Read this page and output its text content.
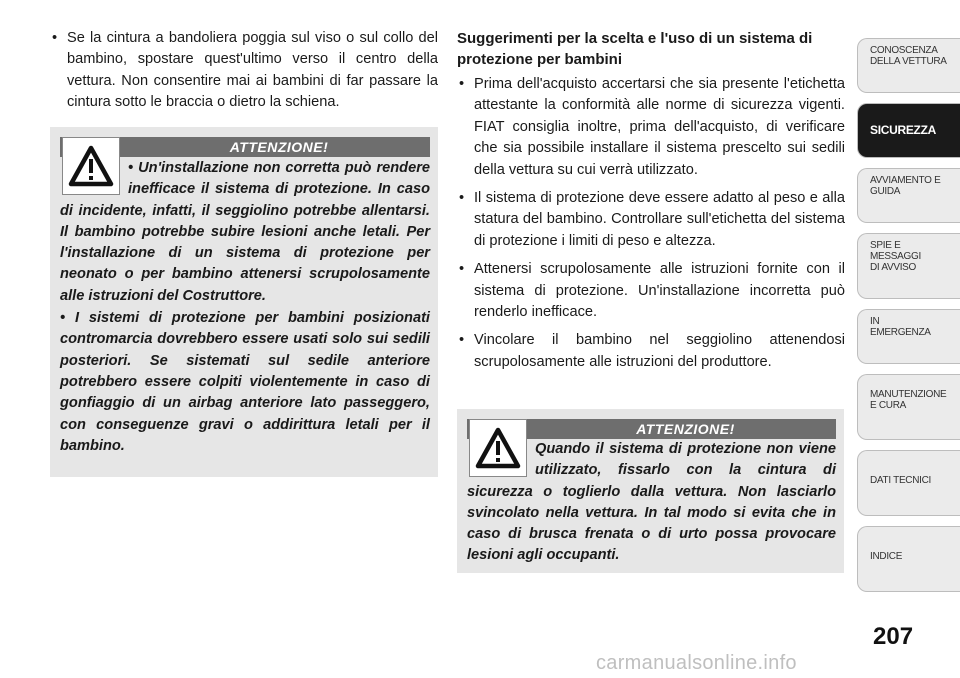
• Se la cintura a bandoliera poggia sul viso o sul collo del bambino, spostare quest'ultimo verso il centro della vettura. Non consentire mai ai bambini di far passare la cintura sotto le braccia o dietro la schiena.
ATTENZIONE!

• Un'installazione non corretta può rendere inefficace il sistema di protezione. In caso di incidente, infatti, il seggiolino potrebbe allentarsi. Il bambino potrebbe subire lesioni anche letali. Per l'installazione di un sistema di protezione per neonato o per bambino attenersi scrupolosamente alle istruzioni del Costruttore.

• I sistemi di protezione per bambini posizionati contromarcia dovrebbero essere usati solo sui sedili posteriori. Se sistemati sul sedile anteriore potrebbero essere colpiti violentemente in caso di gonfiaggio di un airbag anteriore lato passeggero, con conseguenze gravi o addirittura letali per il bambino.

Suggerimenti per la scelta e l'uso di un sistema di protezione per bambini
• Prima dell'acquisto accertarsi che sia presente l'etichetta attestante la conformità alle norme di sicurezza vigenti. FIAT consiglia inoltre, prima dell'acquisto, di verificare che sia possibile installare il sistema prescelto sui sedili della vettura su cui verrà utilizzato.
• Il sistema di protezione deve essere adatto al peso e alla statura del bambino. Controllare sull'etichetta del sistema di protezione i limiti di peso e altezza.
• Attenersi scrupolosamente alle istruzioni fornite con il sistema di protezione. Un'installazione incorretta può renderlo inefficace.
• Vincolare il bambino nel seggiolino attenendosi scrupolosamente alle istruzioni del produttore.
ATTENZIONE!
Quando il sistema di protezione non viene utilizzato, fissarlo con la cintura di sicurezza o toglierlo dalla vettura. Non lasciarlo svincolato nella vettura. In tal modo si evita che in caso di brusca frenata o di urto possa provocare lesioni agli occupanti.
CONOSCENZA
DELLA VETTURA
SICUREZZA
AVVIAMENTO E
GUIDA
SPIE E
MESSAGGI
DI AVVISO
IN
EMERGENZA
MANUTENZIONE
E CURA
DATI TECNICI
INDICE
207
carmanualsonline.info
